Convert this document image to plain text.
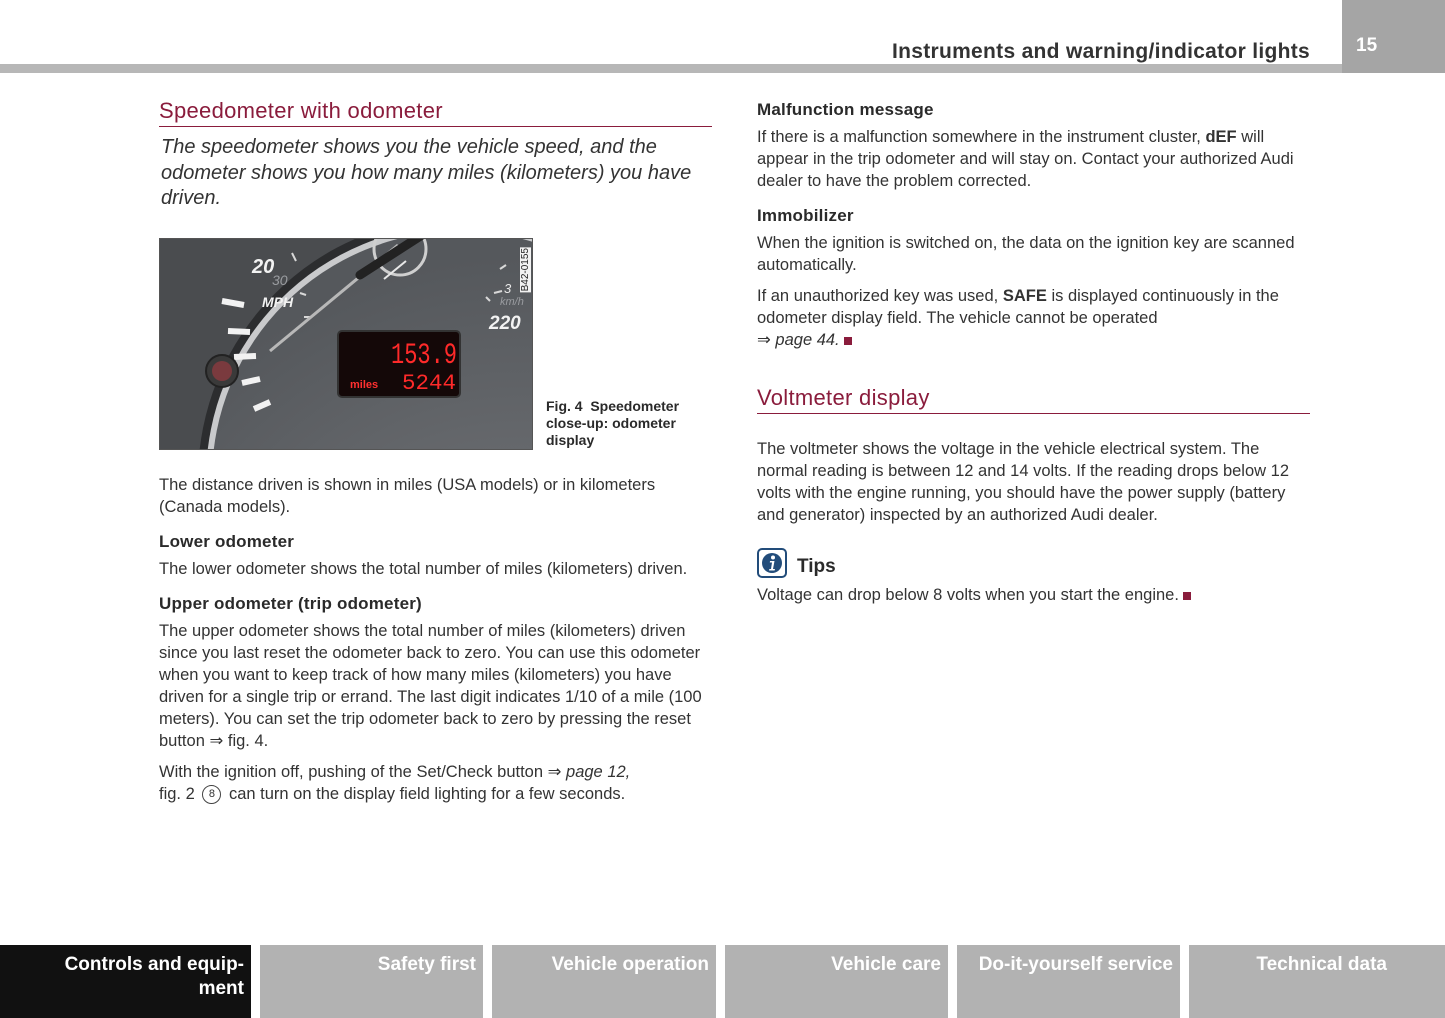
Instruments and warning/indicator lights 15
Speedometer with odometer

The speedometer shows you the vehicle speed, and the odometer shows you how many miles (kilometers) you have driven.

20
30
MPH
3
km/h
220
153.9
miles 5244
B42-0155
Fig. 4  Speedometer
close-up: odometer
display

The distance driven is shown in miles (USA models) or in kilometers (Canada models).

Lower odometer

The lower odometer shows the total number of miles (kilometers) driven.

Upper odometer (trip odometer)

The upper odometer shows the total number of miles (kilometers) driven since you last reset the odometer back to zero. You can use this odometer when you want to keep track of how many miles (kilometers) you have driven for a single trip or errand. The last digit indicates 1/10 of a mile (100 meters). You can set the trip odometer back to zero by pressing the reset button ⇒ fig. 4.

With the ignition off, pushing of the Set/Check button ⇒ page 12,
fig. 2 8 can turn on the display field lighting for a few seconds.

Malfunction message

If there is a malfunction somewhere in the instrument cluster, dEF will appear in the trip odometer and will stay on. Contact your authorized Audi dealer to have the problem corrected.

Immobilizer

When the ignition is switched on, the data on the ignition key are scanned automatically.

If an unauthorized key was used, SAFE is displayed continuously in the odometer display field. The vehicle cannot be operated
⇒ page 44.

Voltmeter display

The voltmeter shows the voltage in the vehicle electrical system. The normal reading is between 12 and 14 volts. If the reading drops below 12 volts with the engine running, you should have the power supply (battery and generator) inspected by an authorized Audi dealer.

Tips

Voltage can drop below 8 volts when you start the engine.

Controls and equip-
ment
Safety first	Vehicle operation	Vehicle care	Do-it-yourself service	Technical data
